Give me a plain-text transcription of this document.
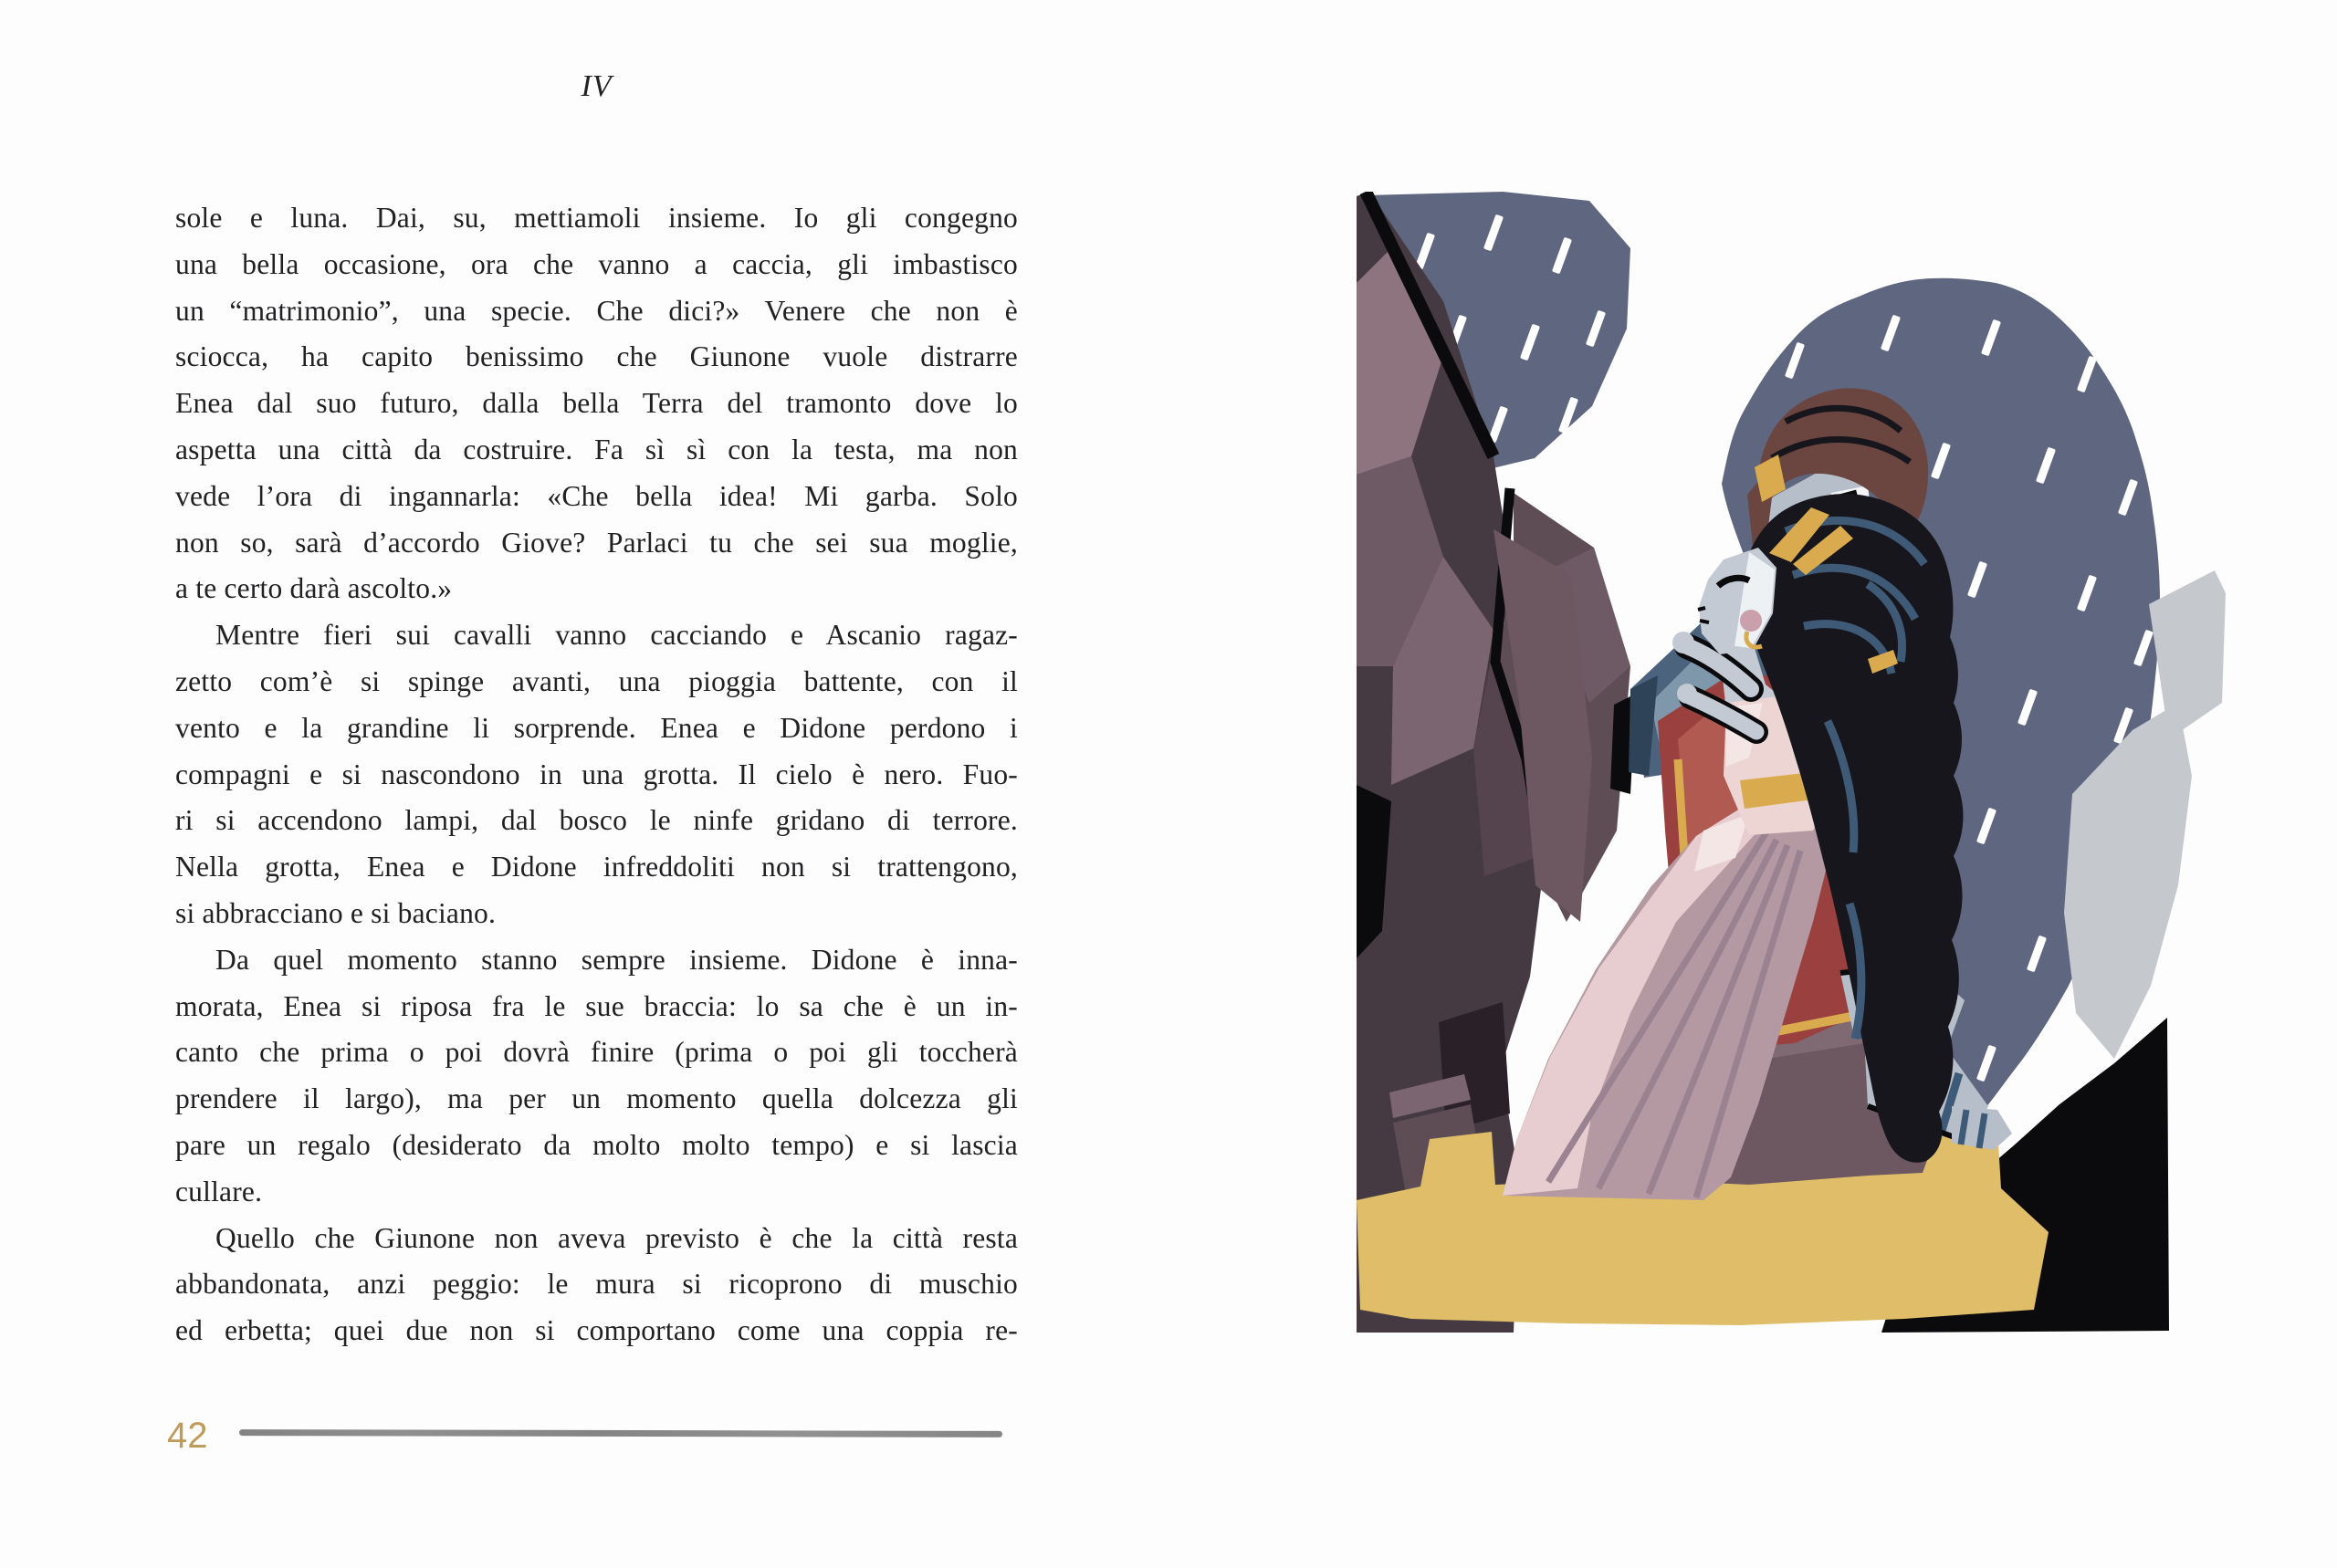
IV
sole e luna. Dai, su, mettiamoli insieme. Io gli congegno
una bella occasione, ora che vanno a caccia, gli imbastisco
un “matrimonio”, una specie. Che dici?» Venere che non è
sciocca, ha capito benissimo che Giunone vuole distrarre
Enea dal suo futuro, dalla bella Terra del tramonto dove lo
aspetta una città da costruire. Fa sì sì con la testa, ma non
vede l’ora di ingannarla: «Che bella idea! Mi garba. Solo
non so, sarà d’accordo Giove? Parlaci tu che sei sua moglie,
a te certo darà ascolto.»
Mentre fieri sui cavalli vanno cacciando e Ascanio ragaz-
zetto com’è si spinge avanti, una pioggia battente, con il
vento e la grandine li sorprende. Enea e Didone perdono i
compagni e si nascondono in una grotta. Il cielo è nero. Fuo-
ri si accendono lampi, dal bosco le ninfe gridano di terrore.
Nella grotta, Enea e Didone infreddoliti non si trattengono,
si abbracciano e si baciano.
Da quel momento stanno sempre insieme. Didone è inna-
morata, Enea si riposa fra le sue braccia: lo sa che è un in-
canto che prima o poi dovrà finire (prima o poi gli toccherà
prendere il largo), ma per un momento quella dolcezza gli
pare un regalo (desiderato da molto molto tempo) e si lascia
cullare.
Quello che Giunone non aveva previsto è che la città resta
abbandonata, anzi peggio: le mura si ricoprono di muschio
ed erbetta; quei due non si comportano come una coppia re-
42
